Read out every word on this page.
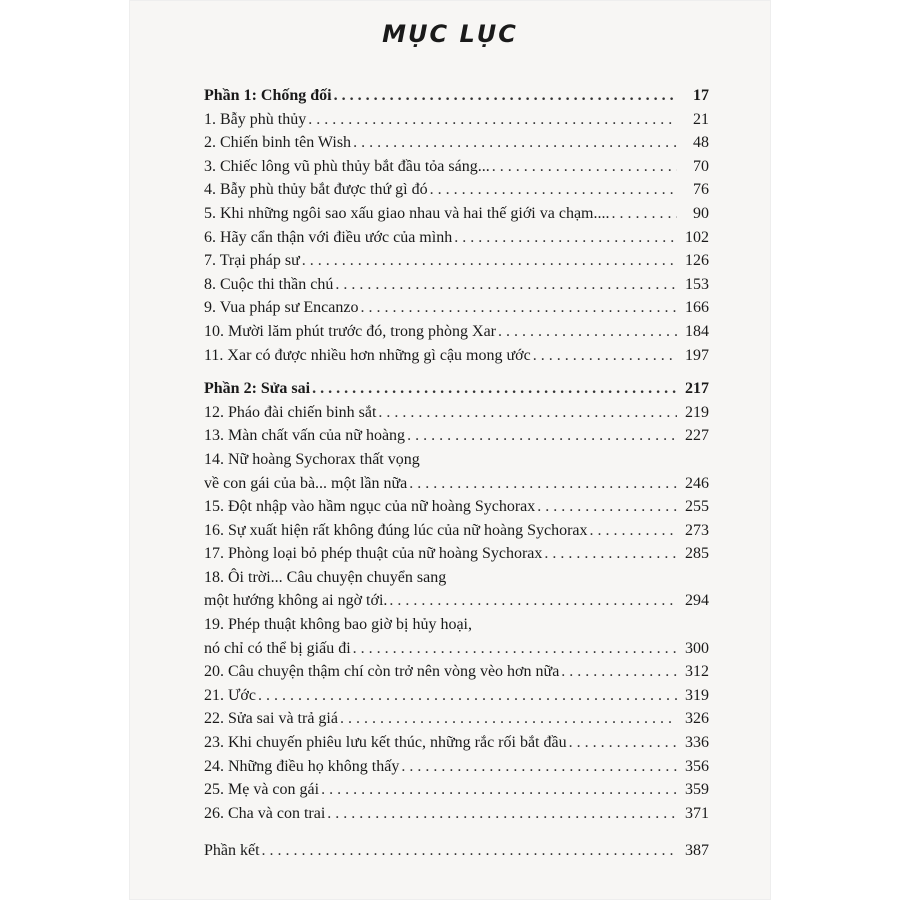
MỤC LỤC
Phần 1: Chống đối . . .	17
1. Bẫy phù thủy . . .	21
2. Chiến binh tên Wish . . .	48
3. Chiếc lông vũ phù thủy bắt đầu tỏa sáng... . . .	70
4. Bẫy phù thủy bắt được thứ gì đó . . .	76
5. Khi những ngôi sao xấu giao nhau và hai thế giới va chạm.... . . .	90
6. Hãy cẩn thận với điều ước của mình . . .	102
7. Trại pháp sư . . .	126
8. Cuộc thi thần chú . . .	153
9. Vua pháp sư Encanzo . . .	166
10. Mười lăm phút trước đó, trong phòng Xar . . .	184
11. Xar có được nhiều hơn những gì cậu mong ước . . .	197
Phần 2: Sửa sai . . .	217
12. Pháo đài chiến binh sắt . . .	219
13. Màn chất vấn của nữ hoàng . . .	227
14. Nữ hoàng Sychorax thất vọng
về con gái của bà... một lần nữa . . .	246
15. Đột nhập vào hầm ngục của nữ hoàng Sychorax . . .	255
16. Sự xuất hiện rất không đúng lúc của nữ hoàng Sychorax . . .	273
17. Phòng loại bỏ phép thuật của nữ hoàng Sychorax . . .	285
18. Ôi trời... Câu chuyện chuyển sang
một hướng không ai ngờ tới. . . .	294
19. Phép thuật không bao giờ bị hủy hoại,
nó chỉ có thể bị giấu đi . . .	300
20. Câu chuyện thậm chí còn trở nên vòng vèo hơn nữa . . .	312
21. Ước . . .	319
22. Sửa sai và trả giá . . .	326
23. Khi chuyến phiêu lưu kết thúc, những rắc rối bắt đầu . . .	336
24. Những điều họ không thấy . . .	356
25. Mẹ và con gái . . .	359
26. Cha và con trai . . .	371
Phần kết . . .	387
